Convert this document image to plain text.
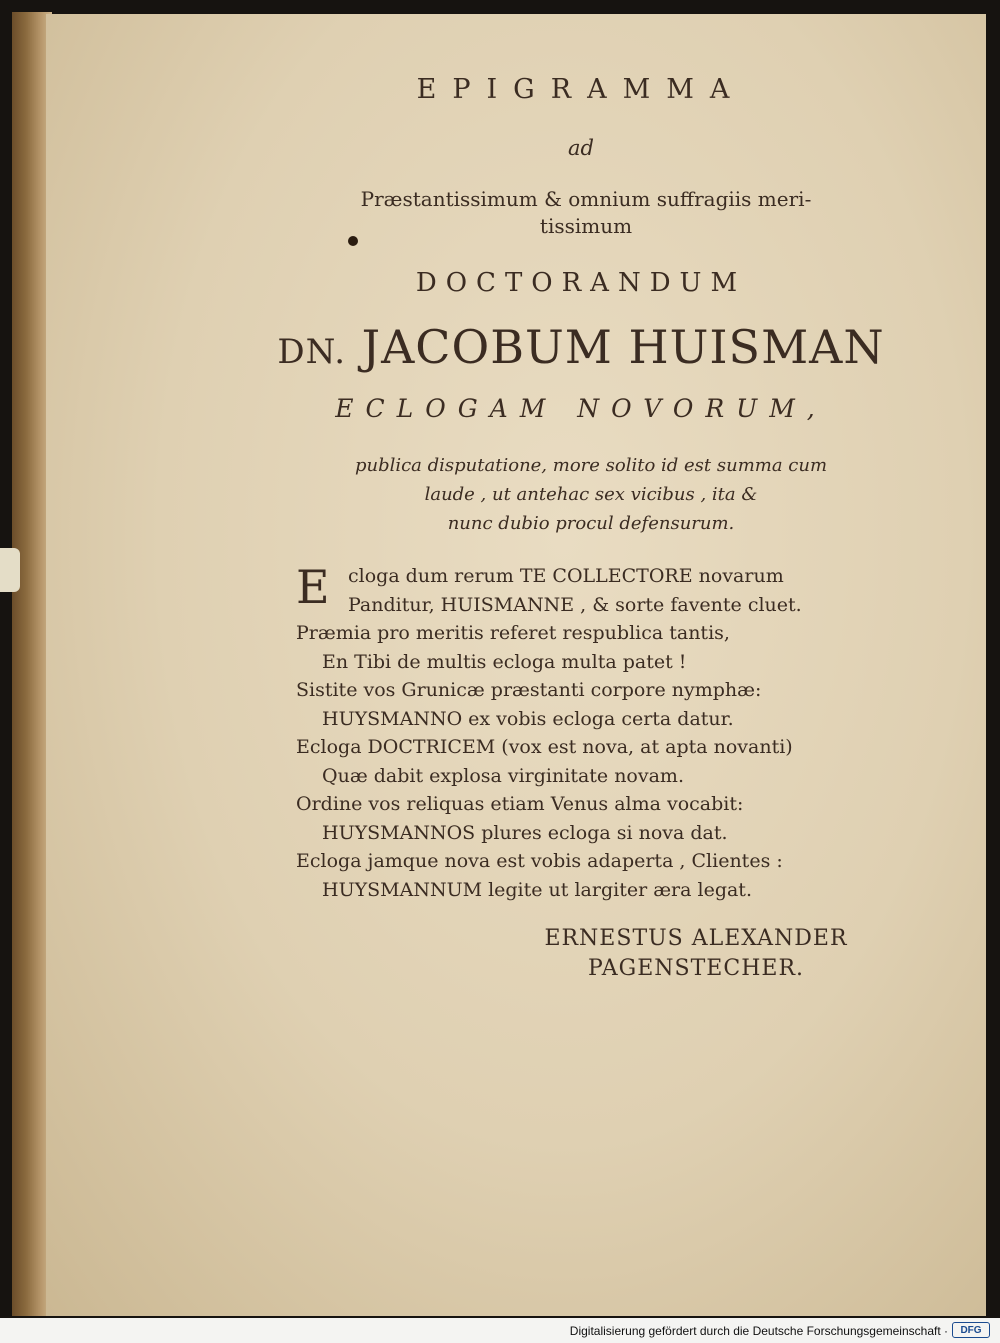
EPIGRAMMA
ad
Præstantissimum & omnium suffragiis meri-
tissimum
DOCTORANDUM
DN. JACOBUM HUISMAN
ECLOGAM NOVORUM,
publica disputatione, more solito id est summa cum
laude , ut antehac sex vicibus , ita &
nunc dubio procul defensurum.
E cloga dum rerum TE COLLECTORE novarum
Panditur, HUISMANNE , & sorte favente cluet.
Præmia pro meritis referet respublica tantis,
En Tibi de multis ecloga multa patet !
Sistite vos Grunicæ præstanti corpore nymphæ:
HUYSMANNO ex vobis ecloga certa datur.
Ecloga DOCTRICEM (vox est nova, at apta novanti)
Quæ dabit explosa virginitate novam.
Ordine vos reliquas etiam Venus alma vocabit:
HUYSMANNOS plures ecloga si nova dat.
Ecloga jamque nova est vobis adaperta , Clientes :
HUYSMANNUM legite ut largiter æra legat.
ERNESTUS ALEXANDER
PAGENSTECHER.
Digitalisierung gefördert durch die Deutsche Forschungsgemeinschaft ·	DFG
